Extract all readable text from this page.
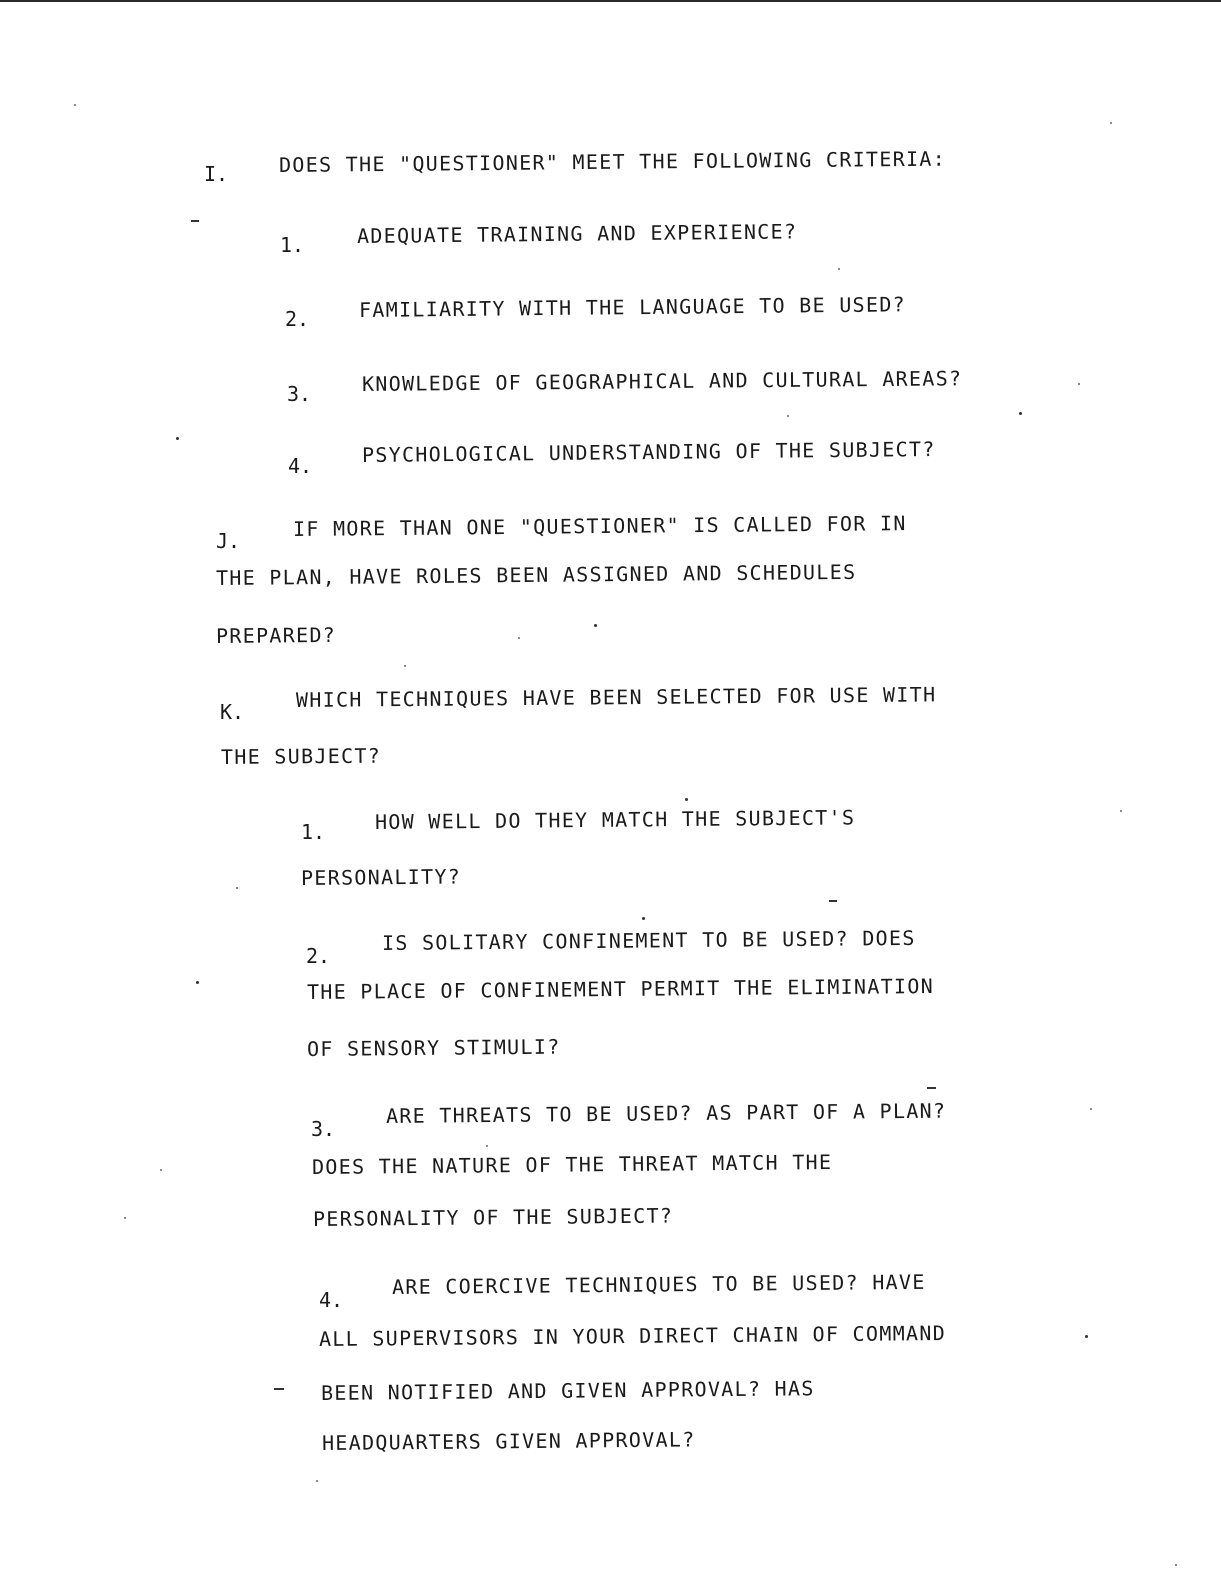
I.	DOES THE "QUESTIONER" MEET THE FOLLOWING CRITERIA:
1.	ADEQUATE TRAINING AND EXPERIENCE?
2. FAMILIARITY WITH THE LANGUAGE TO BE USED?
3.	KNOWLEDGE OF GEOGRAPHICAL AND CULTURAL AREAS?
4. PSYCHOLOGICAL UNDERSTANDING OF THE SUBJECT?
J.
IF MORE THAN ONE "QUESTIONER" IS CALLED FOR IN
THE PLAN, HAVE ROLES BEEN ASSIGNED AND SCHEDULES
PREPARED?
K.
WHICH TECHNIQUES HAVE BEEN SELECTED FOR USE WITH
THE SUBJECT?
1. HOW WELL DO THEY MATCH THE SUBJECT'S
PERSONALITY?
2.
IS SOLITARY CONFINEMENT TO BE USED? DOES
THE PLACE OF CONFINEMENT PERMIT THE ELIMINATION
OF SENSORY STIMULI?
3.
ARE THREATS TO BE USED? AS PART OF A PLAN?
DOES THE NATURE OF THE THREAT MATCH THE
PERSONALITY OF THE SUBJECT?
4.
ARE COERCIVE TECHNIQUES TO BE USED? HAVE
ALL SUPERVISORS IN YOUR DIRECT CHAIN OF COMMAND
BEEN NOTIFIED AND GIVEN APPROVAL? HAS
HEADQUARTERS GIVEN APPROVAL?
